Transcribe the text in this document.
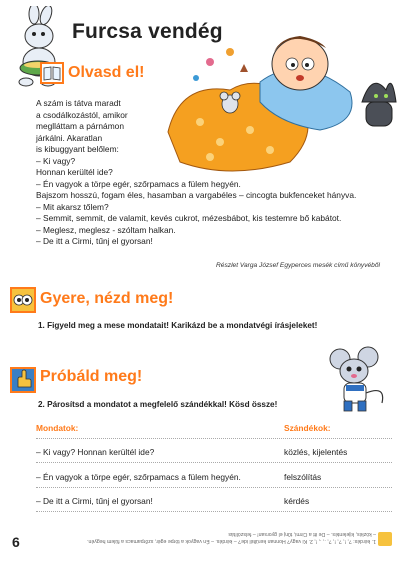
Furcsa vendég
Olvasd el!
A szám is tátva maradt
a csodálkozástól, amikor
meglláttam a párnámon
járkálni. Akaratlan
is kibuggyant belőlem:
– Ki vagy?
Honnan kerültél ide?
– Én vagyok a törpe egér, szőrpamacs a fülem hegyén.
Bajszom hosszú, fogam éles, hasamban a vargabéles – cincogta bukfenceket hányva.
– Mit akarsz tőlem?
– Semmit, semmit, de valamit, kevés cukrot, mézesbábot, kis testemre bő kabátot.
– Meglesz, meglesz - szóltam halkan.
– De itt a Cirmi, tűnj el gyorsan!
Részlet Varga József Egyperces mesék című könyvéből
Gyere, nézd meg!
1. Figyeld meg a mese mondatait! Karikázd be a mondatvégi írásjeleket!
Próbáld meg!
2. Párosítsd a mondatot a megfelelő szándékkal! Kösd össze!
Mondatok:	Szándékok:
– Ki vagy? Honnan kerültél ide?	közlés, kijelentés
– Én vagyok a törpe egér, szőrpamacs a fülem hegyén.	felszólítás
– De itt a Cirmi, tűnj el gyorsan!	kérdés
6	1. kérdés: ?, !, ?, !, ?, ., ., !, 2. Ki vagy? Honnan kerültél ide? – kérdés. – Én vagyok a törpe egér, szőrpamacs a fülem hegyén. – közlés, kijelentés. – De itt a Cirmi, tűnj el gyorsan! – felszólítás
